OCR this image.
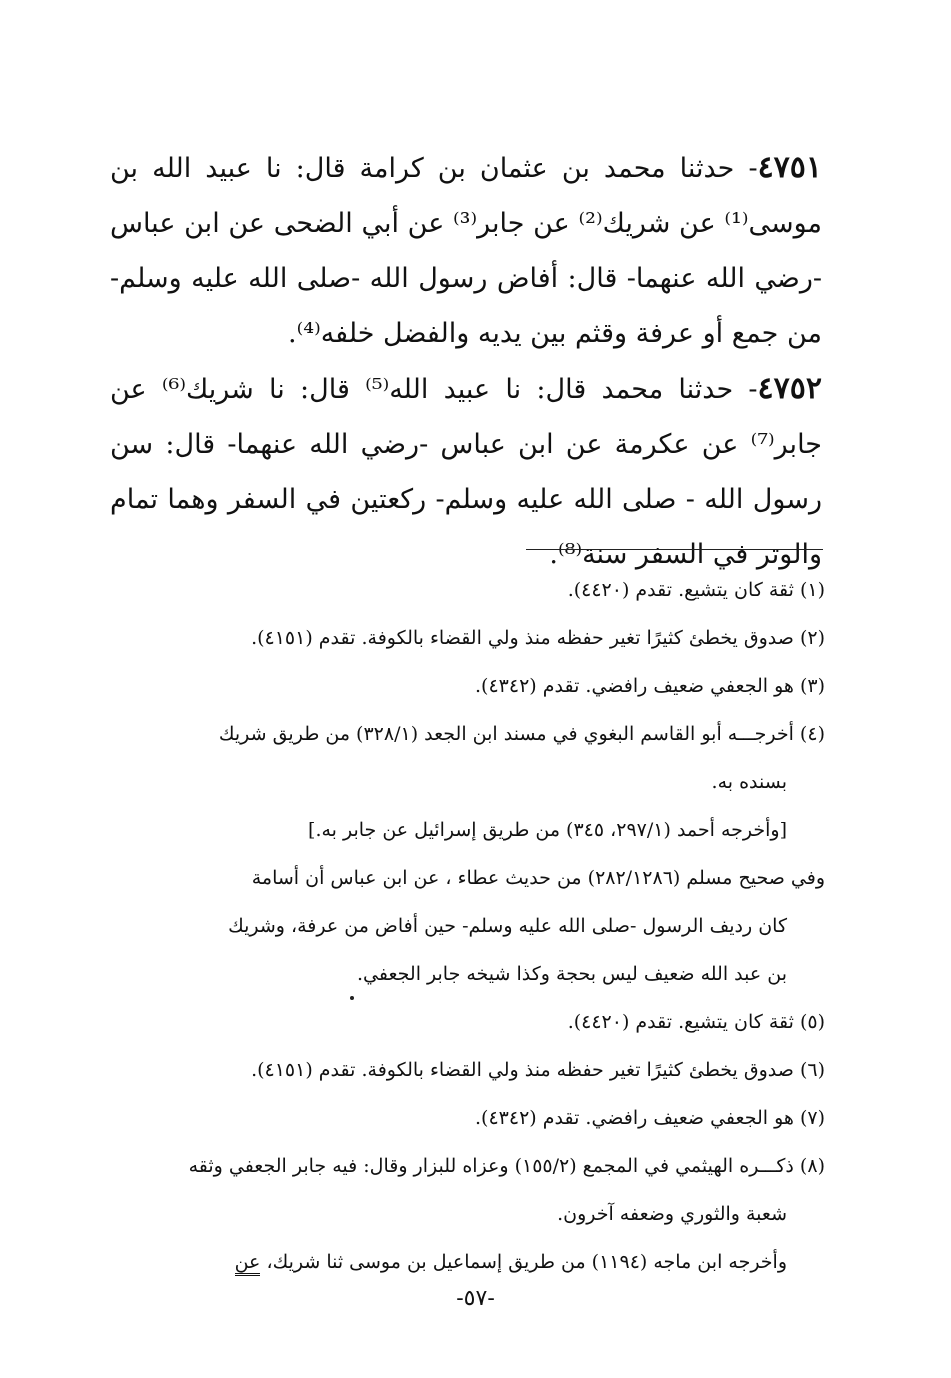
٤٧٥١- حدثنا محمد بن عثمان بن كرامة قال: نا عبيد الله بن موسى⁽¹⁾ عن شريك⁽²⁾ عن جابر⁽³⁾ عن أبي الضحى عن ابن عباس -رضي الله عنهما- قال: أفاض رسول الله -صلى الله عليه وسلم- من جمع أو عرفة وقثم بين يديه والفضل خلفه⁽⁴⁾.

٤٧٥٢- حدثنا محمد قال: نا عبيد الله⁽⁵⁾ قال: نا شريك⁽⁶⁾ عن جابر⁽⁷⁾ عن عكرمة عن ابن عباس -رضي الله عنهما- قال: سن رسول الله - صلى الله عليه وسلم- ركعتين في السفر وهما تمام والوتر في السفر سنة⁽⁸⁾.

(١) ثقة كان يتشيع. تقدم (٤٤٢٠).

(٢) صدوق يخطئ كثيرًا تغير حفظه منذ ولي القضاء بالكوفة. تقدم (٤١٥١).

(٣) هو الجعفي ضعيف رافضي. تقدم (٤٣٤٢).

(٤) أخرجـــه أبو القاسم البغوي في مسند ابن الجعد (٣٢٨/١) من طريق شريك

بسنده به.

[وأخرجه أحمد (٢٩٧/١، ٣٤٥) من طريق إسرائيل عن جابر به.]

وفي صحيح مسلم (٢٨٢/١٢٨٦) من حديث عطاء ، عن ابن عباس أن أسامة

كان رديف الرسول -صلى الله عليه وسلم- حين أفاض من عرفة، وشريك

بن عبد الله ضعيف ليس بحجة وكذا شيخه جابر الجعفي.

(٥) ثقة كان يتشيع. تقدم (٤٤٢٠).

(٦) صدوق يخطئ كثيرًا تغير حفظه منذ ولي القضاء بالكوفة. تقدم (٤١٥١).

(٧) هو الجعفي ضعيف رافضي. تقدم (٤٣٤٢).

(٨) ذكـــره الهيثمي في المجمع (١٥٥/٢) وعزاه للبزار وقال: فيه جابر الجعفي وثقه

شعبة والثوري وضعفه آخرون.

وأخرجه ابن ماجه (١١٩٤) من طريق إسماعيل بن موسى ثنا شريك، عن

-٥٧-
